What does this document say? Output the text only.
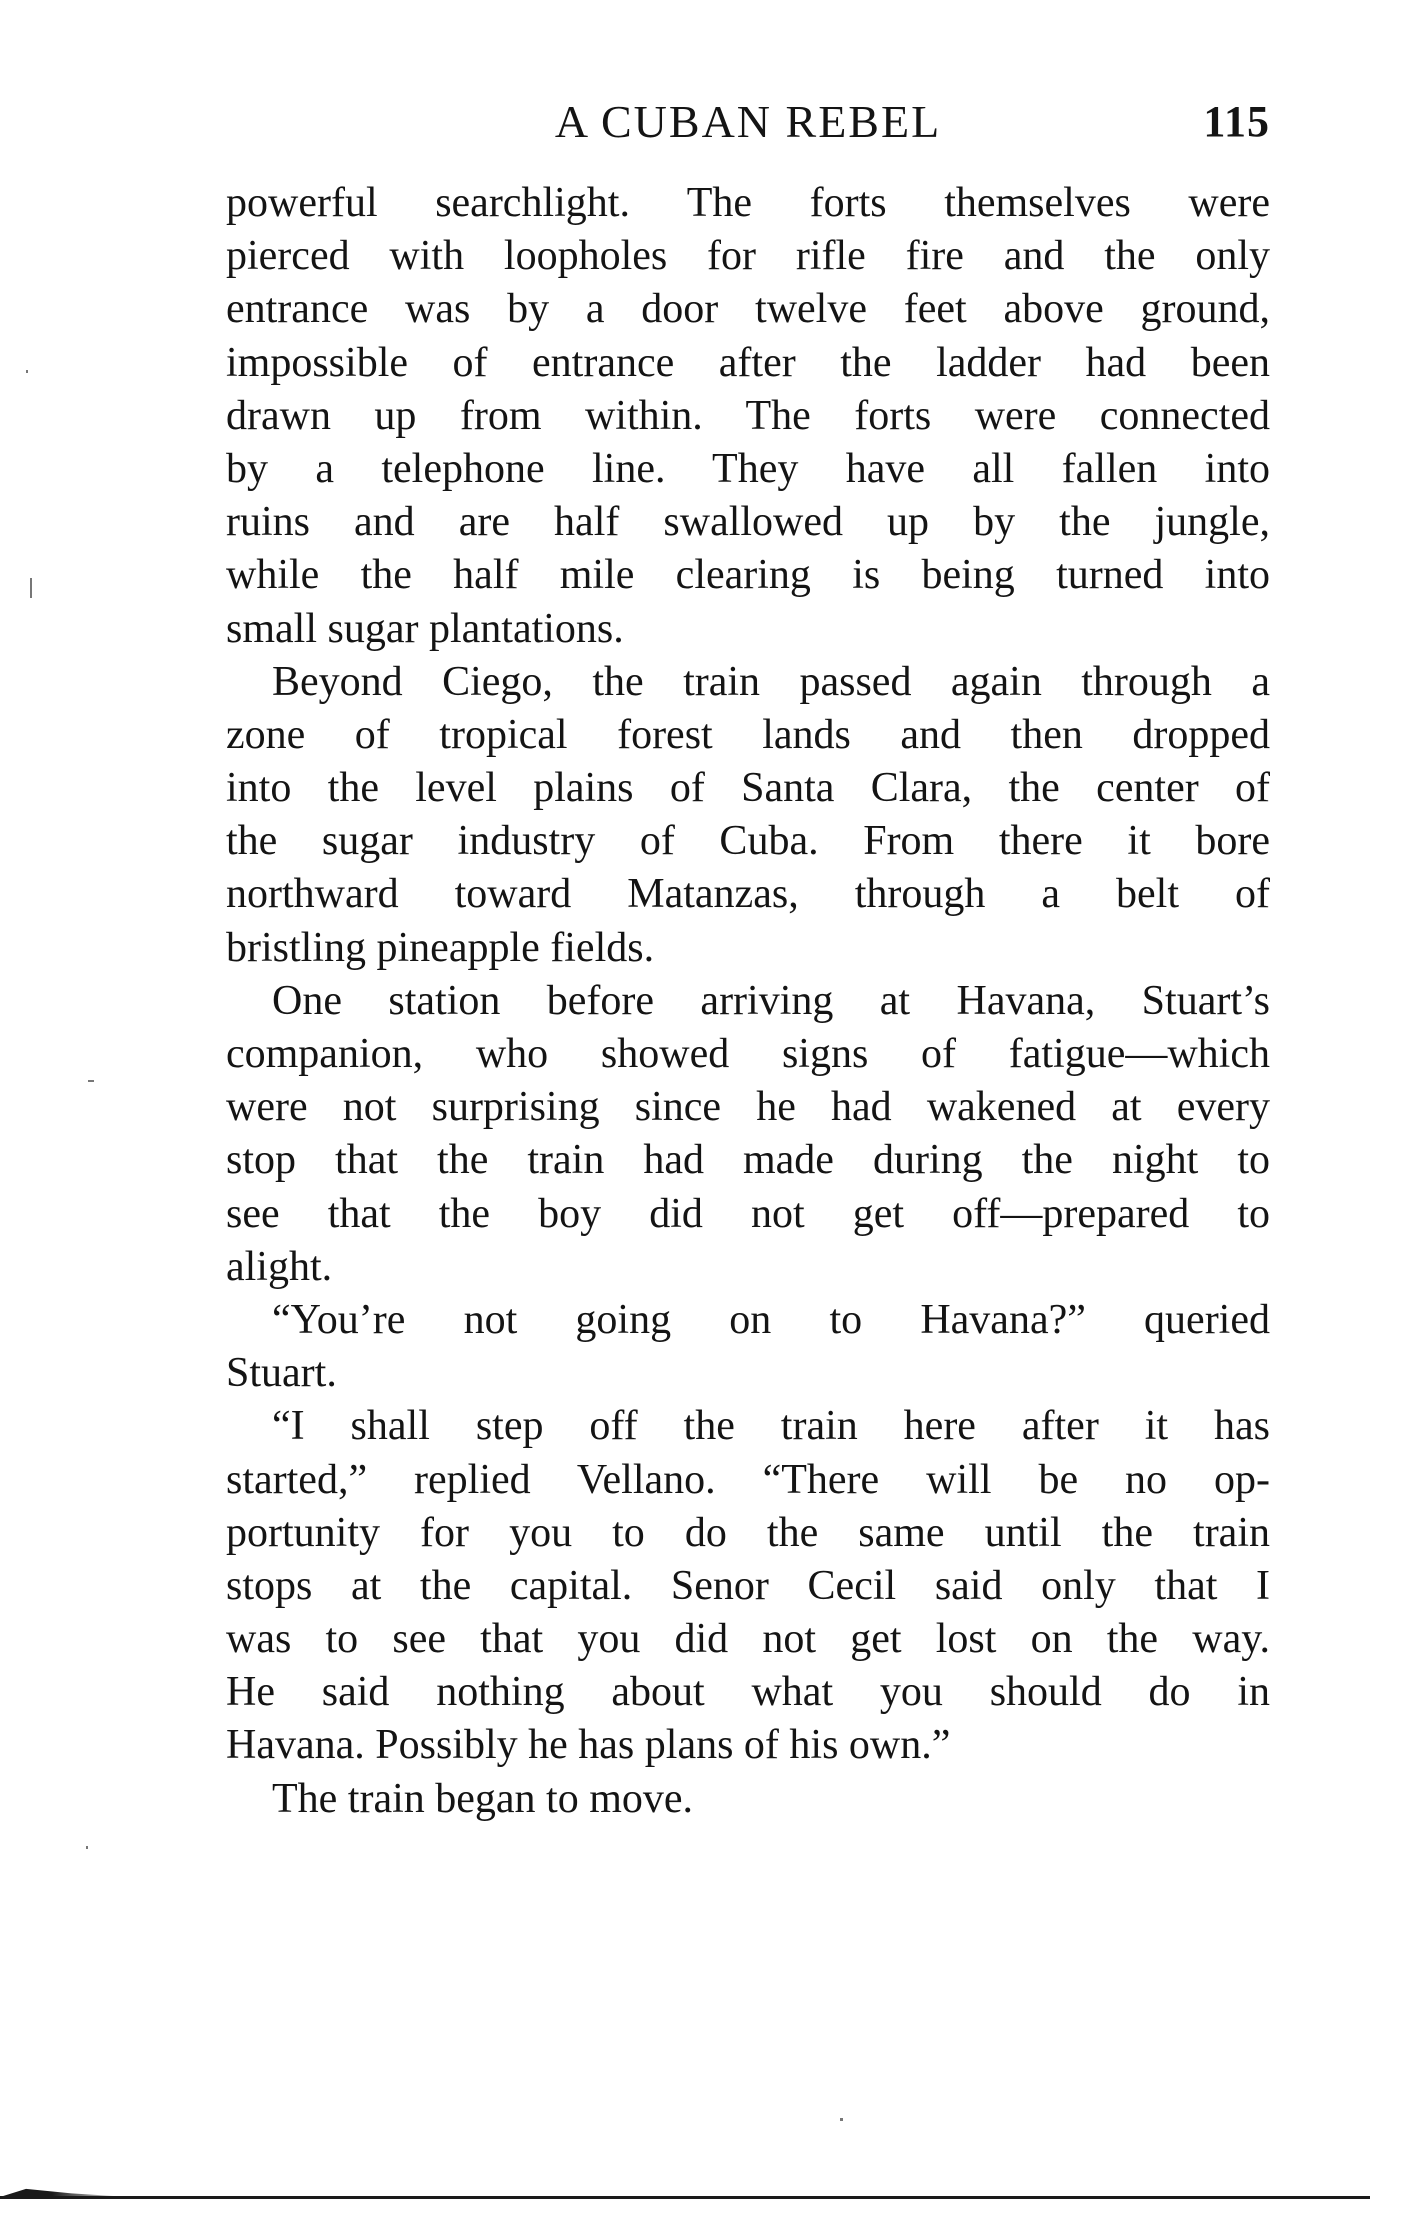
A CUBAN REBEL	115
powerful searchlight. The forts themselves were
pierced with loopholes for rifle fire and the only
entrance was by a door twelve feet above ground,
impossible of entrance after the ladder had been
drawn up from within. The forts were connected
by a telephone line. They have all fallen into
ruins and are half swallowed up by the jungle,
while the half mile clearing is being turned into
small sugar plantations.
Beyond Ciego, the train passed again through a
zone of tropical forest lands and then dropped
into the level plains of Santa Clara, the center of
the sugar industry of Cuba. From there it bore
northward toward Matanzas, through a belt of
bristling pineapple fields.
One station before arriving at Havana, Stuart’s
companion, who showed signs of fatigue—which
were not surprising since he had wakened at every
stop that the train had made during the night to
see that the boy did not get off—prepared to
alight.
“You’re not going on to Havana?” queried
Stuart.
“I shall step off the train here after it has
started,” replied Vellano. “There will be no op-
portunity for you to do the same until the train
stops at the capital. Senor Cecil said only that I
was to see that you did not get lost on the way.
He said nothing about what you should do in
Havana. Possibly he has plans of his own.”
The train began to move.
